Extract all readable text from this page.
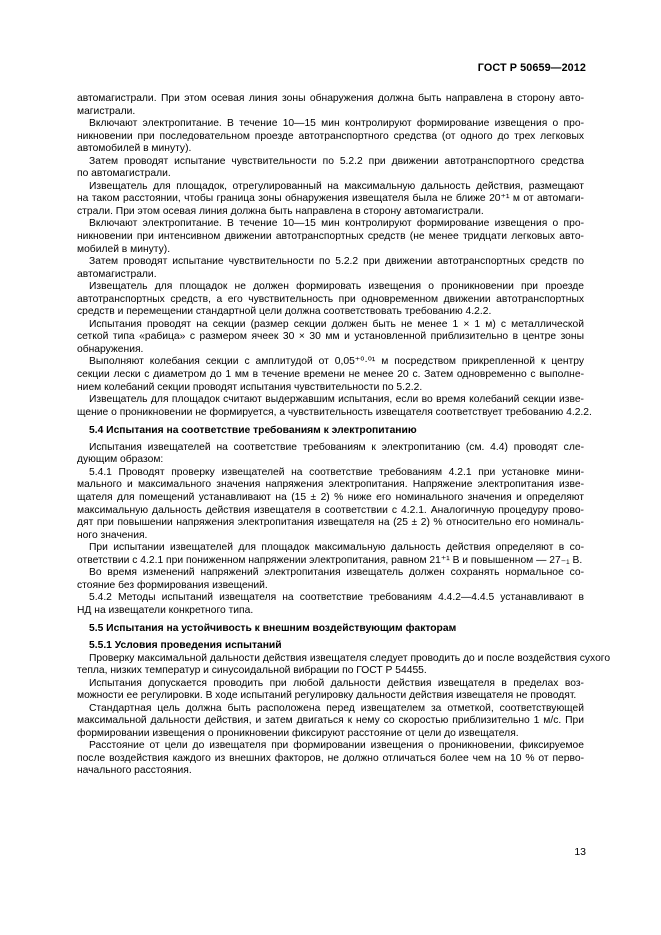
ГОСТ Р 50659—2012
автомагистрали. При этом осевая линия зоны обнаружения должна быть направлена в сторону авто-
магистрали.
Включают электропитание. В течение 10—15 мин контролируют формирование извещения о про-
никновении при последовательном проезде автотранспортного средства (от одного до трех легковых
автомобилей в минуту).
Затем проводят испытание чувствительности по 5.2.2 при движении автотранспортного средства
по автомагистрали.
Извещатель для площадок, отрегулированный на максимальную дальность действия, размещают
на таком расстоянии, чтобы граница зоны обнаружения извещателя была не ближе 20⁺¹ м от автомаги-
страли. При этом осевая линия должна быть направлена в сторону автомагистрали.
Включают электропитание. В течение 10—15 мин контролируют формирование извещения о про-
никновении при интенсивном движении автотранспортных средств (не менее тридцати легковых авто-
мобилей в минуту).
Затем проводят испытание чувствительности по 5.2.2 при движении автотранспортных средств по
автомагистрали.
Извещатель для площадок не должен формировать извещения о проникновении при проезде
автотранспортных средств, а его чувствительность при одновременном движении автотранспортных
средств и перемещении стандартной цели должна соответствовать требованию 4.2.2.
Испытания проводят на секции (размер секции должен быть не менее 1 × 1 м) с металлической
сеткой типа «рабица» с размером ячеек 30 × 30 мм и установленной приблизительно в центре зоны
обнаружения.
Выполняют колебания секции с амплитудой от 0,05⁺⁰·⁰¹ м посредством прикрепленной к центру
секции лески с диаметром до 1 мм в течение времени не менее 20 с. Затем одновременно с выполне-
нием колебаний секции проводят испытания чувствительности по 5.2.2.
Извещатель для площадок считают выдержавшим испытания, если во время колебаний секции изве-
щение о проникновении не формируется, а чувствительность извещателя соответствует требованию 4.2.2.
5.4 Испытания на соответствие требованиям к электропитанию
Испытания извещателей на соответствие требованиям к электропитанию (см. 4.4) проводят сле-
дующим образом:
5.4.1 Проводят проверку извещателей на соответствие требованиям 4.2.1 при установке мини-
мального и максимального значения напряжения электропитания. Напряжение электропитания изве-
щателя для помещений устанавливают на (15 ± 2) % ниже его номинального значения и определяют
максимальную дальность действия извещателя в соответствии с 4.2.1. Аналогичную процедуру прово-
дят при повышении напряжения электропитания извещателя на (25 ± 2) % относительно его номиналь-
ного значения.
При испытании извещателей для площадок максимальную дальность действия определяют в со-
ответствии с 4.2.1 при пониженном напряжении электропитания, равном 21⁺¹ В и повышенном — 27₋₁ В.
Во время изменений напряжений электропитания извещатель должен сохранять нормальное со-
стояние без формирования извещений.
5.4.2 Методы испытаний извещателя на соответствие требованиям 4.4.2—4.4.5 устанавливают в
НД на извещатели конкретного типа.
5.5 Испытания на устойчивость к внешним воздействующим факторам
5.5.1 Условия проведения испытаний
Проверку максимальной дальности действия извещателя следует проводить до и после воздействия сухого
тепла, низких температур и синусоидальной вибрации по ГОСТ Р 54455.
Испытания допускается проводить при любой дальности действия извещателя в пределах воз-
можности ее регулировки. В ходе испытаний регулировку дальности действия извещателя не проводят.
Стандартная цель должна быть расположена перед извещателем за отметкой, соответствующей
максимальной дальности действия, и затем двигаться к нему со скоростью приблизительно 1 м/с. При
формировании извещения о проникновении фиксируют расстояние от цели до извещателя.
Расстояние от цели до извещателя при формировании извещения о проникновении, фиксируемое
после воздействия каждого из внешних факторов, не должно отличаться более чем на 10 % от перво-
начального расстояния.
13
